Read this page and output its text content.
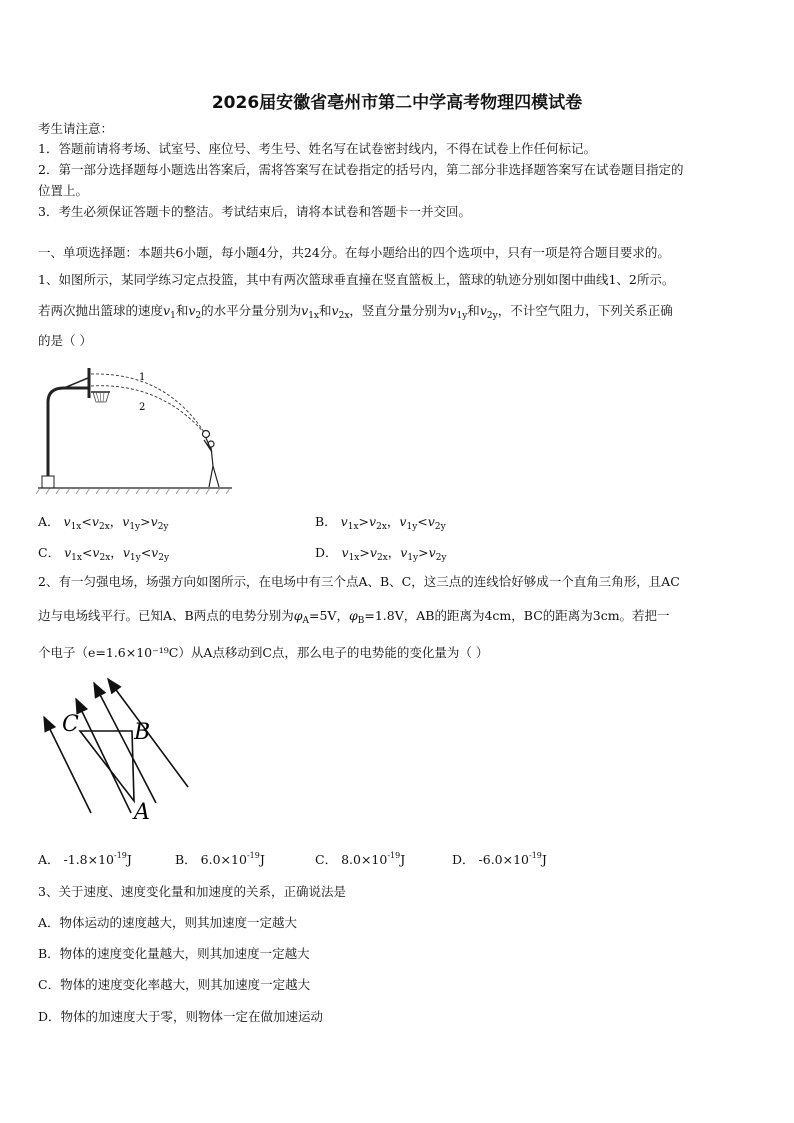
2026届安徽省亳州市第二中学高考物理四模试卷
考生请注意：
1．答题前请将考场、试室号、座位号、考生号、姓名写在试卷密封线内，不得在试卷上作任何标记。
2．第一部分选择题每小题选出答案后，需将答案写在试卷指定的括号内，第二部分非选择题答案写在试卷题目指定的
位置上。
3．考生必须保证答题卡的整洁。考试结束后，请将本试卷和答题卡一并交回。
一、单项选择题：本题共6小题，每小题4分，共24分。在每小题给出的四个选项中，只有一项是符合题目要求的。
1、如图所示，某同学练习定点投篮，其中有两次篮球垂直撞在竖直篮板上，篮球的轨迹分别如图中曲线1、2所示。
若两次抛出篮球的速度$v_1$和$v_2$的水平分量分别为$v_{1x}$和$v_{2x}$，竖直分量分别为$v_{1y}$和$v_{2y}$，不计空气阻力，下列关系正确
的是（ ）
1
2
A． $v_{1x}<v_{2x}$，$v_{1y}>v_{2y}$	B． $v_{1x}>v_{2x}$，$v_{1y}<v_{2y}$
C． $v_{1x}<v_{2x}$，$v_{1y}<v_{2y}$	D． $v_{1x}>v_{2x}$，$v_{1y}>v_{2y}$
2、有一匀强电场，场强方向如图所示，在电场中有三个点A、B、C，这三点的连线恰好够成一个直角三角形，且AC
边与电场线平行。已知A、B两点的电势分别为$\varphi_A=5V$，$\varphi_B=1.8V$，AB的距离为4cm，BC的距离为3cm。若把一
个电子（e=1.6×10⁻¹⁹C）从A点移动到C点，那么电子的电势能的变化量为（ ）
C	B
A
A． $-1.8\times 10^{-19}J$	B． $6.0\times 10^{-19}J$	C． $8.0\times 10^{-19}J$	D． $-6.0\times 10^{-19}J$
3、关于速度、速度变化量和加速度的关系，正确说法是
A．物体运动的速度越大，则其加速度一定越大
B．物体的速度变化量越大，则其加速度一定越大
C．物体的速度变化率越大，则其加速度一定越大
D．物体的加速度大于零，则物体一定在做加速运动
